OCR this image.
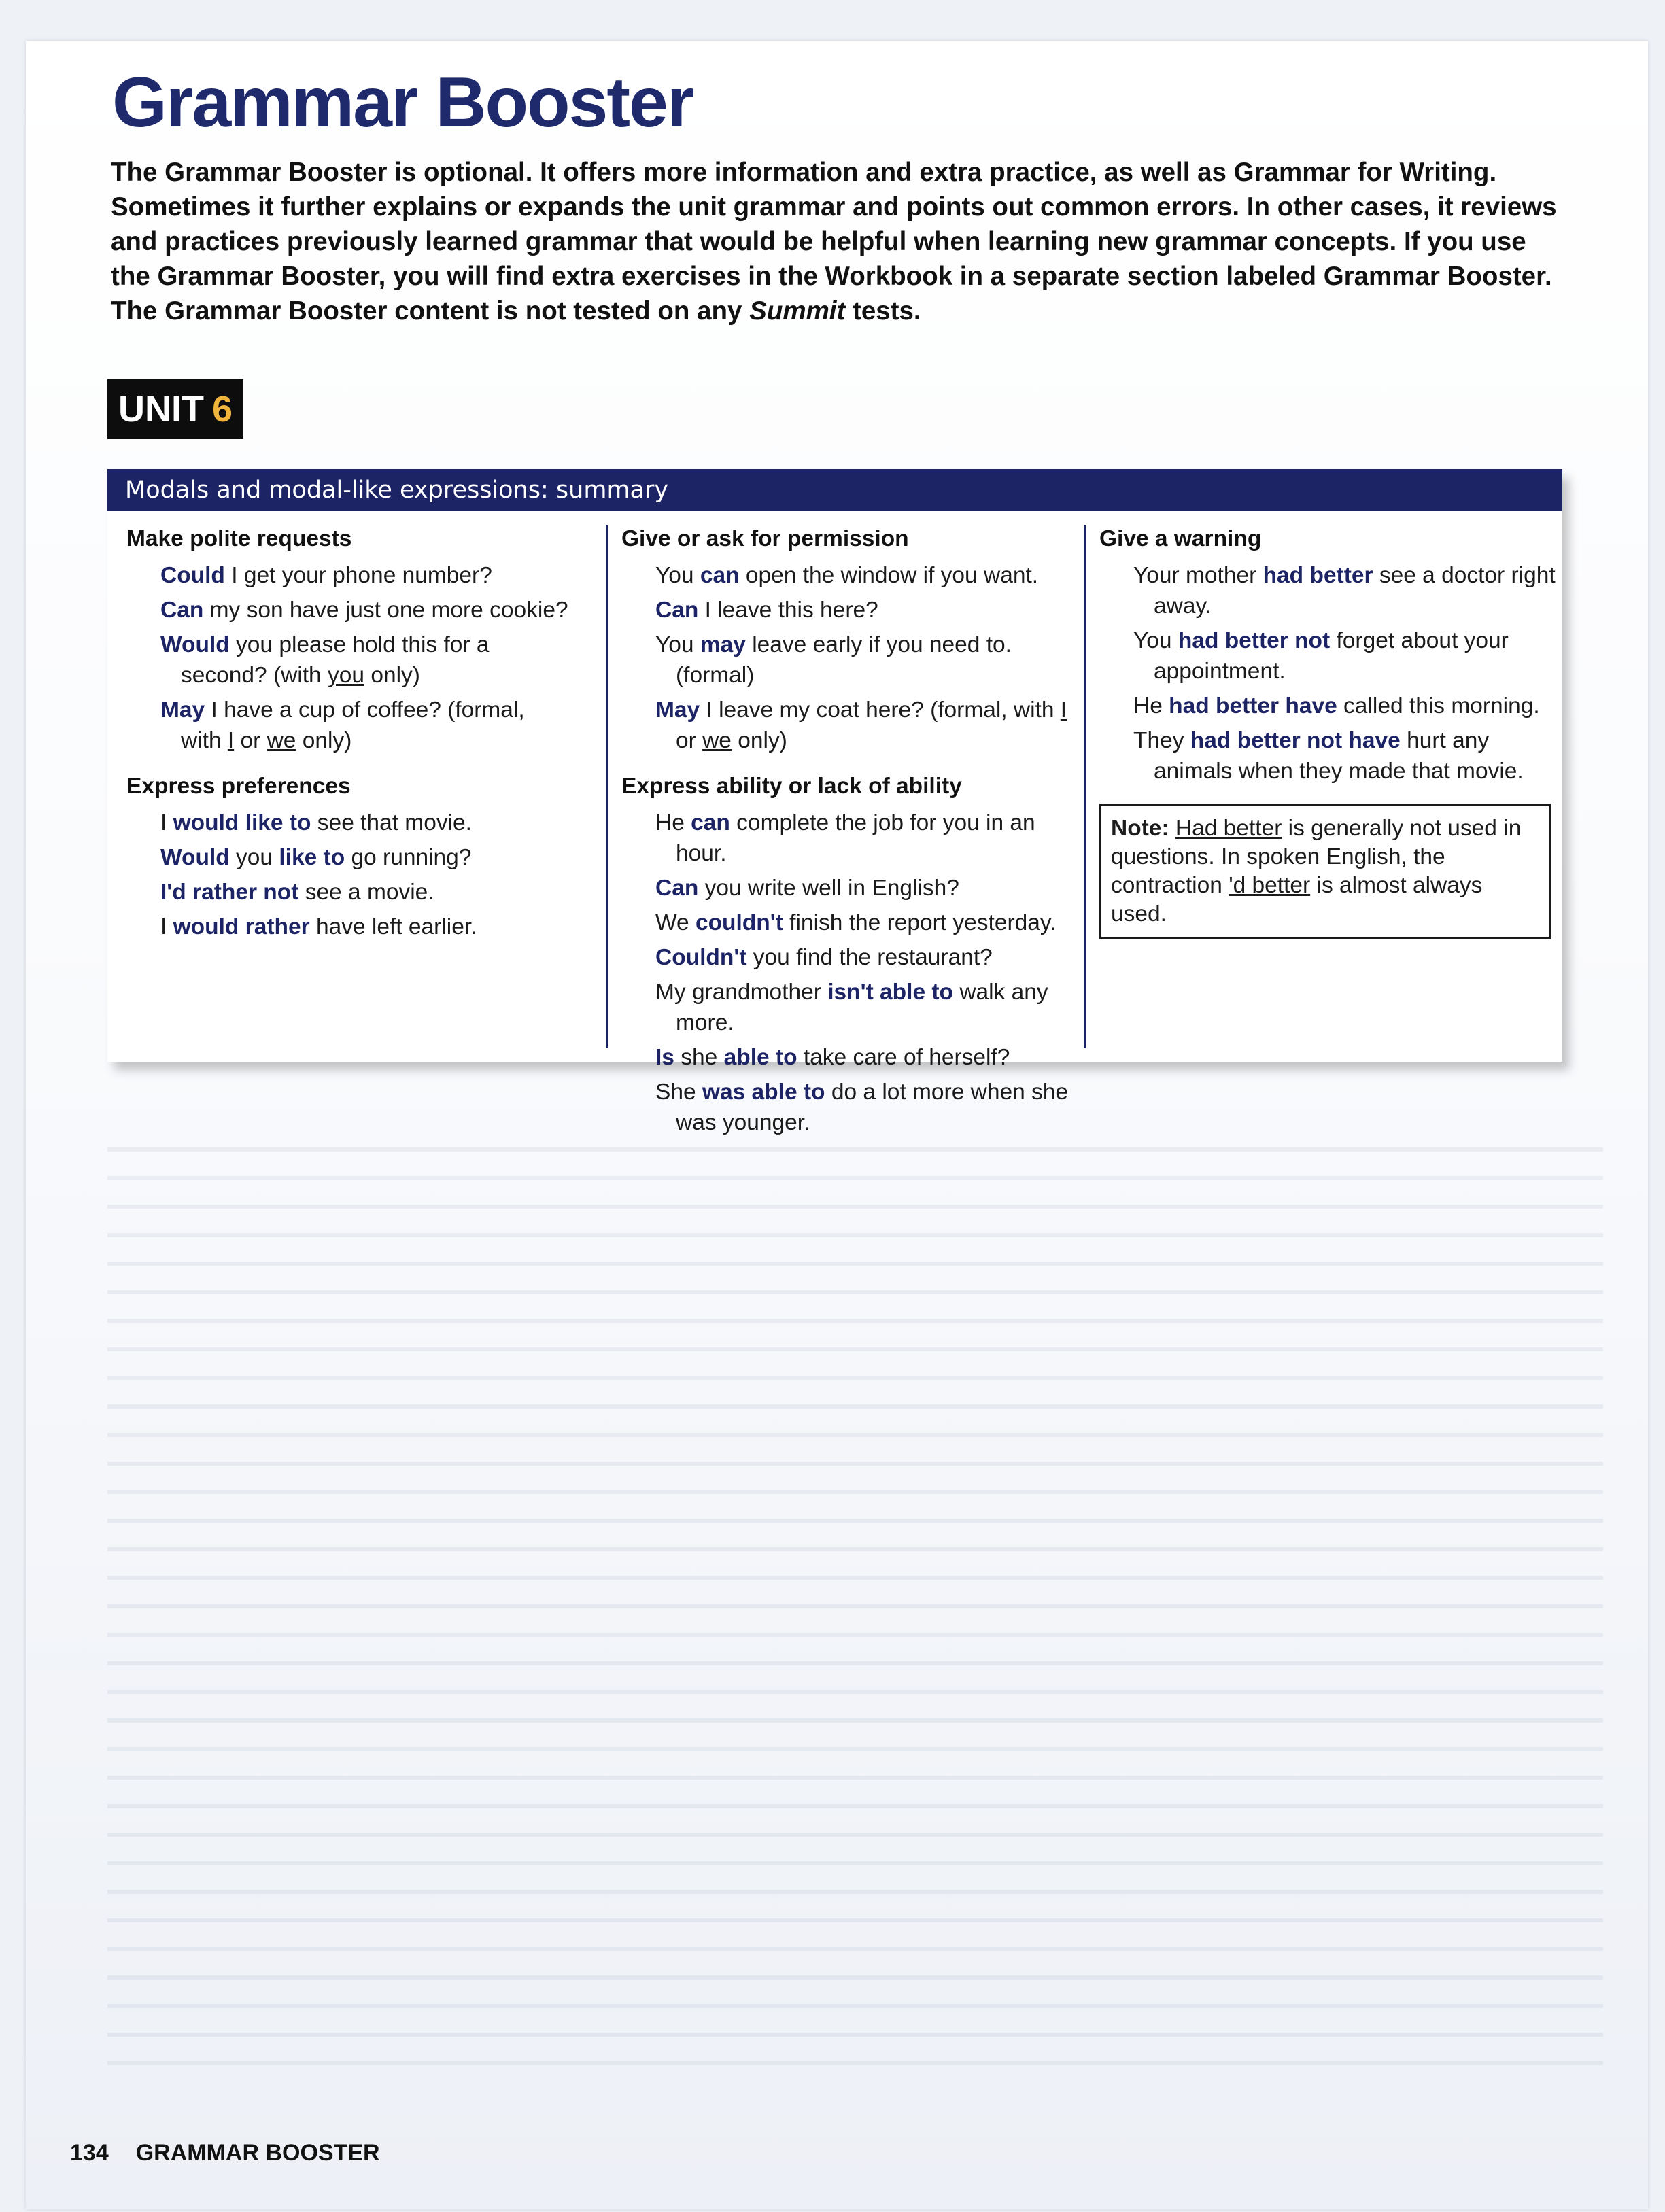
Grammar Booster

The Grammar Booster is optional. It offers more information and extra practice, as well as Grammar for Writing. Sometimes it further explains or expands the unit grammar and points out common errors. In other cases, it reviews and practices previously learned grammar that would be helpful when learning new grammar concepts. If you use the Grammar Booster, you will find extra exercises in the Workbook in a separate section labeled Grammar Booster. The Grammar Booster content is not tested on any Summit tests.

UNIT 6
Modals and modal-like expressions: summary

Make polite requests

Could I get your phone number?

Can my son have just one more cookie?

Would you please hold this for a second? (with you only)

May I have a cup of coffee? (formal, with I or we only)

Express preferences

I would like to see that movie.

Would you like to go running?

I'd rather not see a movie.

I would rather have left earlier.

Give or ask for permission

You can open the window if you want.

Can I leave this here?

You may leave early if you need to. (formal)

May I leave my coat here? (formal, with I or we only)

Express ability or lack of ability

He can complete the job for you in an hour.

Can you write well in English?

We couldn't finish the report yesterday.

Couldn't you find the restaurant?

My grandmother isn't able to walk any more.

Is she able to take care of herself?

She was able to do a lot more when she was younger.

Give a warning

Your mother had better see a doctor right away.

You had better not forget about your appointment.

He had better have called this morning.

They had better not have hurt any animals when they made that movie.

Note: Had better is generally not used in questions. In spoken English, the contraction 'd better is almost always used.
134 GRAMMAR BOOSTER
